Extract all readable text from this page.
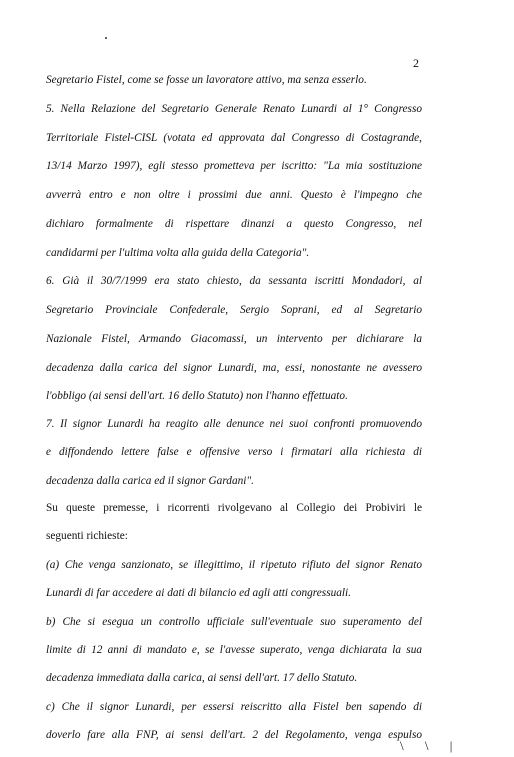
2
Segretario Fistel, come se fosse un lavoratore attivo, ma senza esserlo.
5. Nella Relazione del Segretario Generale Renato Lunardi al 1° Congresso
Territoriale Fistel-CISL (votata ed approvata dal Congresso di Costagrande,
13/14 Marzo 1997), egli stesso prometteva per iscritto: "La mia sostituzione
avverrà entro e non oltre i prossimi due anni. Questo è l'impegno che
dichiaro formalmente di rispettare dinanzi a questo Congresso, nel
candidarmi per l'ultima volta alla guida della Categoria".
6. Già il 30/7/1999 era stato chiesto, da sessanta iscritti Mondadori, al
Segretario Provinciale Confederale, Sergio Soprani, ed al Segretario
Nazionale Fistel, Armando Giacomassi, un intervento per dichiarare la
decadenza dalla carica del signor Lunardi, ma, essi, nonostante ne avessero
l'obbligo (ai sensi dell'art. 16 dello Statuto) non l'hanno effettuato.
7. Il signor Lunardi ha reagito alle denunce nei suoi confronti promuovendo
e diffondendo lettere false e offensive verso i firmatari alla richiesta di
decadenza dalla carica ed il signor Gardani".
Su queste premesse, i ricorrenti rivolgevano al Collegio dei Probiviri le
seguenti richieste:
(a) Che venga sanzionato, se illegittimo, il ripetuto rifiuto del signor Renato
Lunardi di far accedere ai dati di bilancio ed agli atti congressuali.
b) Che si esegua un controllo ufficiale sull'eventuale suo superamento del
limite di 12 anni di mandato e, se l'avesse superato, venga dichiarata la sua
decadenza immediata dalla carica, ai sensi dell'art. 17 dello Statuto.
c) Che il signor Lunardi, per essersi reiscritto alla Fistel ben sapendo di
doverlo fare alla FNP, ai sensi dell'art. 2 del Regolamento, venga espulso
\ \ |
